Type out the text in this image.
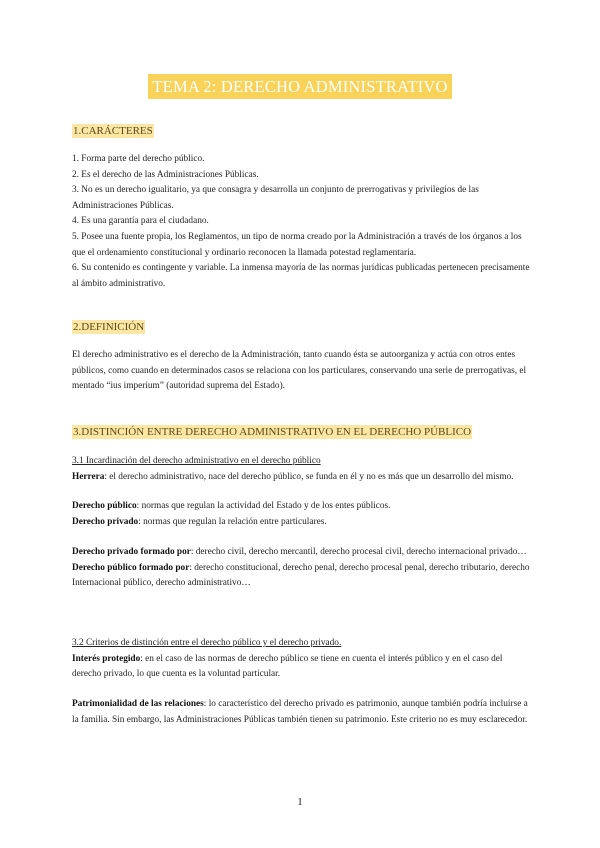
TEMA 2: DERECHO ADMINISTRATIVO
1.CARÁCTERES

1. Forma parte del derecho público.

2. Es el derecho de las Administraciones Públicas.

3. No es un derecho igualitario, ya que consagra y desarrolla un conjunto de prerrogativas y privilegios de las Administraciones Públicas.

4. Es una garantía para el ciudadano.

5. Posee una fuente propia, los Reglamentos, un tipo de norma creado por la Administración a través de los órganos a los que el ordenamiento constitucional y ordinario reconocen la llamada potestad reglamentaria.

6. Su contenido es contingente y variable. La inmensa mayoría de las normas jurídicas publicadas pertenecen precisamente al ámbito administrativo.

2.DEFINICIÓN

El derecho administrativo es el derecho de la Administración, tanto cuando ésta se autoorganiza y actúa con otros entes públicos, como cuando en determinados casos se relaciona con los particulares, conservando una serie de prerrogativas, el mentado “ius imperium” (autoridad suprema del Estado).

3.DISTINCIÓN ENTRE DERECHO ADMINISTRATIVO EN EL DERECHO PÚBLICO

3.1 Incardinación del derecho administrativo en el derecho público

Herrera: el derecho administrativo, nace del derecho público, se funda en él y no es más que un desarrollo del mismo.

Derecho público: normas que regulan la actividad del Estado y de los entes públicos.

Derecho privado: normas que regulan la relación entre particulares.

Derecho privado formado por: derecho civil, derecho mercantil, derecho procesal civil, derecho internacional privado…

Derecho público formado por: derecho constitucional, derecho penal, derecho procesal penal, derecho tributario, derecho Internacional público, derecho administrativo…

3.2 Criterios de distinción entre el derecho público y el derecho privado.

Interés protegido: en el caso de las normas de derecho público se tiene en cuenta el interés público y en el caso del derecho privado, lo que cuenta es la voluntad particular.

Patrimonialidad de las relaciones: lo característico del derecho privado es patrimonio, aunque también podría incluirse a la familia. Sin embargo, las Administraciones Públicas también tienen su patrimonio. Este criterio no es muy esclarecedor.

1
